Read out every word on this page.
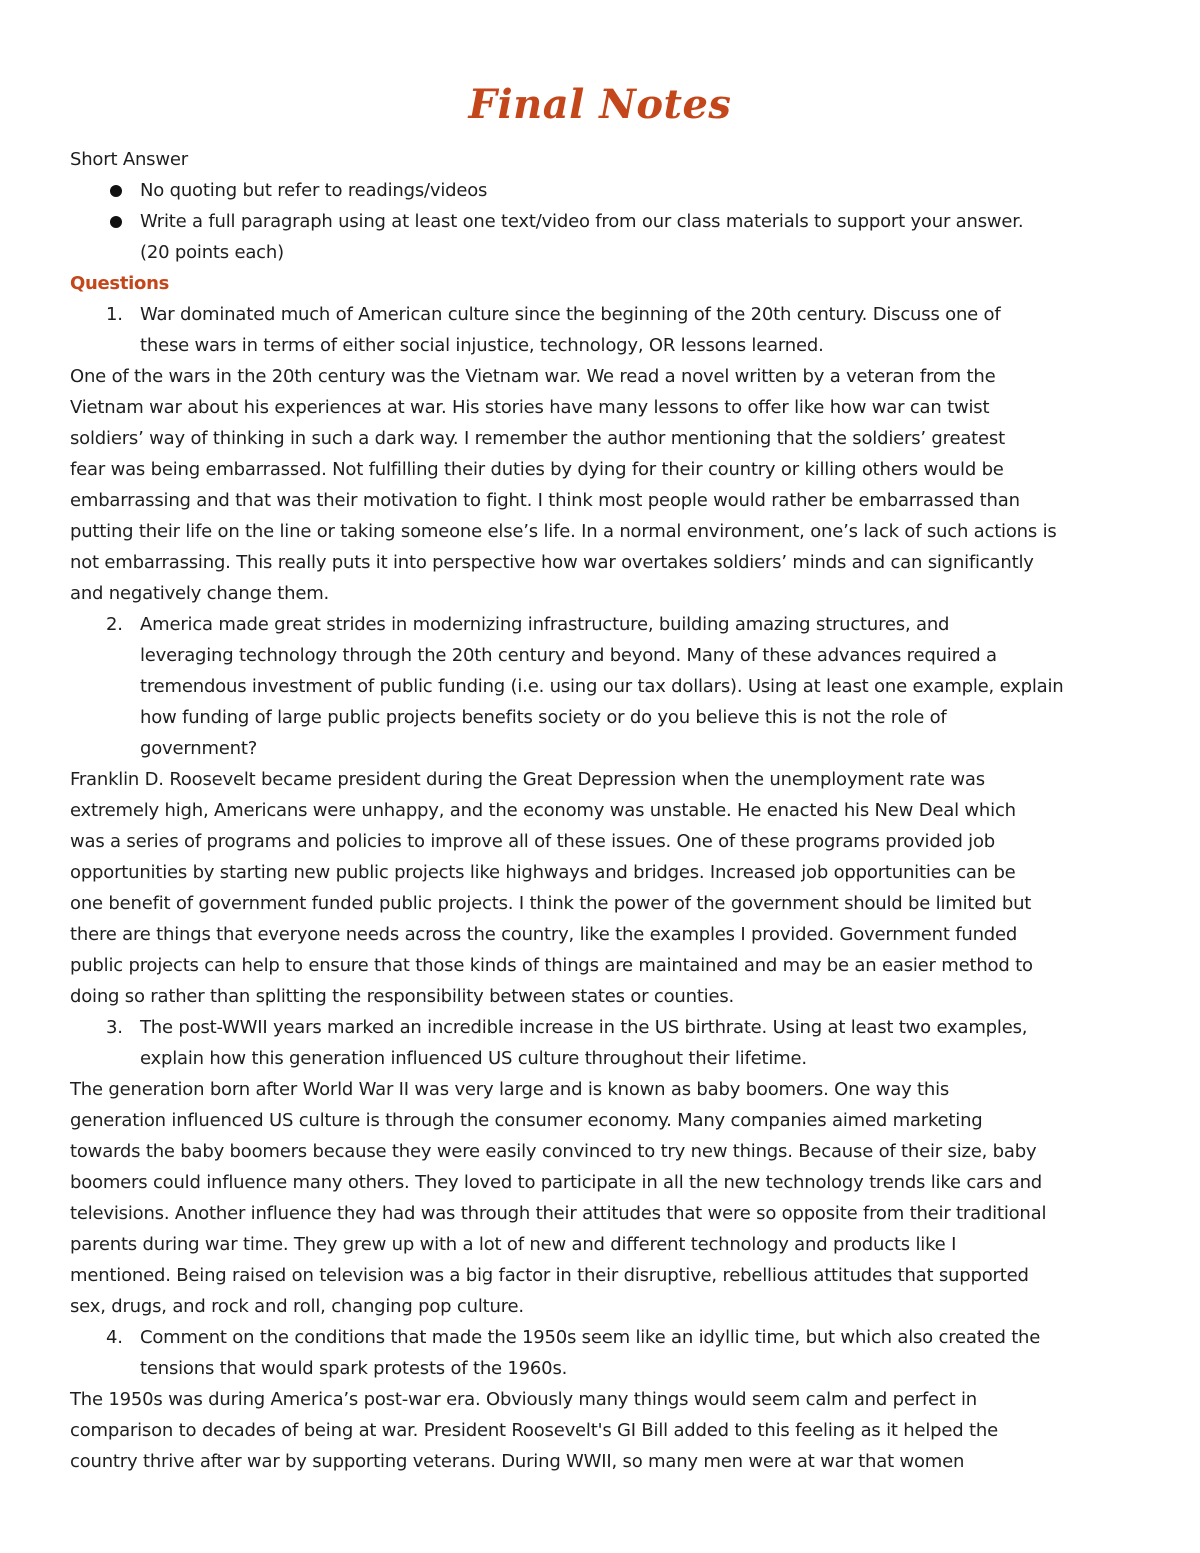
Final Notes

Short Answer

No quoting but refer to readings/videos

Write a full paragraph using at least one text/video from our class materials to support your answer.

(20 points each)

Questions

1. War dominated much of American culture since the beginning of the 20th century. Discuss one of

these wars in terms of either social injustice, technology, OR lessons learned.

One of the wars in the 20th century was the Vietnam war. We read a novel written by a veteran from the

Vietnam war about his experiences at war. His stories have many lessons to offer like how war can twist

soldiers’ way of thinking in such a dark way. I remember the author mentioning that the soldiers’ greatest

fear was being embarrassed. Not fulfilling their duties by dying for their country or killing others would be

embarrassing and that was their motivation to fight. I think most people would rather be embarrassed than

putting their life on the line or taking someone else’s life. In a normal environment, one’s lack of such actions is

not embarrassing. This really puts it into perspective how war overtakes soldiers’ minds and can significantly

and negatively change them.

2. America made great strides in modernizing infrastructure, building amazing structures, and

leveraging technology through the 20th century and beyond. Many of these advances required a

tremendous investment of public funding (i.e. using our tax dollars). Using at least one example, explain

how funding of large public projects benefits society or do you believe this is not the role of

government?

Franklin D. Roosevelt became president during the Great Depression when the unemployment rate was

extremely high, Americans were unhappy, and the economy was unstable. He enacted his New Deal which

was a series of programs and policies to improve all of these issues. One of these programs provided job

opportunities by starting new public projects like highways and bridges. Increased job opportunities can be

one benefit of government funded public projects. I think the power of the government should be limited but

there are things that everyone needs across the country, like the examples I provided. Government funded

public projects can help to ensure that those kinds of things are maintained and may be an easier method to

doing so rather than splitting the responsibility between states or counties.

3. The post-WWII years marked an incredible increase in the US birthrate. Using at least two examples,

explain how this generation influenced US culture throughout their lifetime.

The generation born after World War II was very large and is known as baby boomers. One way this

generation influenced US culture is through the consumer economy. Many companies aimed marketing

towards the baby boomers because they were easily convinced to try new things. Because of their size, baby

boomers could influence many others. They loved to participate in all the new technology trends like cars and

televisions. Another influence they had was through their attitudes that were so opposite from their traditional

parents during war time. They grew up with a lot of new and different technology and products like I

mentioned. Being raised on television was a big factor in their disruptive, rebellious attitudes that supported

sex, drugs, and rock and roll, changing pop culture.

4. Comment on the conditions that made the 1950s seem like an idyllic time, but which also created the

tensions that would spark protests of the 1960s.

The 1950s was during America’s post-war era. Obviously many things would seem calm and perfect in

comparison to decades of being at war. President Roosevelt's GI Bill added to this feeling as it helped the

country thrive after war by supporting veterans. During WWII, so many men were at war that women
